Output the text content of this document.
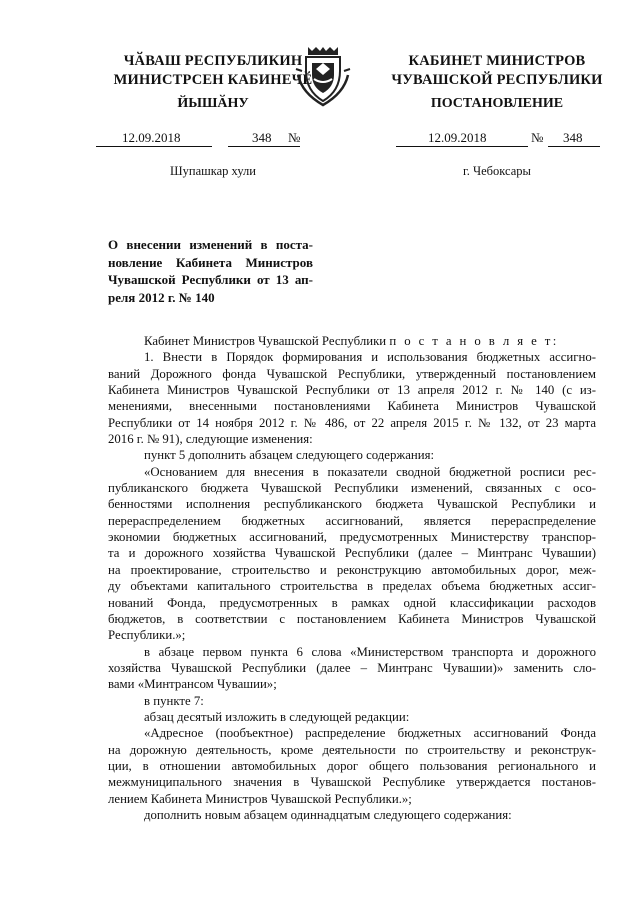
ЧӐВАШ РЕСПУБЛИКИН
МИНИСТРСЕН КАБИНЕЧӖ
ЙЫШӐНУ
КАБИНЕТ МИНИСТРОВ
ЧУВАШСКОЙ РЕСПУБЛИКИ
ПОСТАНОВЛЕНИЕ
12.09.2018	348 №	12.09.2018	№ 348
Шупашкар хули	г. Чебоксары
О внесении изменений в поста-
новление Кабинета Министров
Чувашской Республики от 13 ап-
реля 2012 г. № 140
Кабинет Министров Чувашской Республики п о с т а н о в л я е т:
1. Внести в Порядок формирования и использования бюджетных ассигно-
ваний Дорожного фонда Чувашской Республики, утвержденный постановлением
Кабинета Министров Чувашской Республики от 13 апреля 2012 г. № 140 (с из-
менениями, внесенными постановлениями Кабинета Министров Чувашской
Республики от 14 ноября 2012 г. № 486, от 22 апреля 2015 г. № 132, от 23 марта
2016 г. № 91), следующие изменения:
пункт 5 дополнить абзацем следующего содержания:
«Основанием для внесения в показатели сводной бюджетной росписи рес-
публиканского бюджета Чувашской Республики изменений, связанных с осо-
бенностями исполнения республиканского бюджета Чувашской Республики и
перераспределением бюджетных ассигнований, является перераспределение
экономии бюджетных ассигнований, предусмотренных Министерству транспор-
та и дорожного хозяйства Чувашской Республики (далее – Минтранс Чувашии)
на проектирование, строительство и реконструкцию автомобильных дорог, меж-
ду объектами капитального строительства в пределах объема бюджетных ассиг-
нований Фонда, предусмотренных в рамках одной классификации расходов
бюджетов, в соответствии с постановлением Кабинета Министров Чувашской
Республики.»;
в абзаце первом пункта 6 слова «Министерством транспорта и дорожного
хозяйства Чувашской Республики (далее – Минтранс Чувашии)» заменить сло-
вами «Минтрансом Чувашии»;
в пункте 7:
абзац десятый изложить в следующей редакции:
«Адресное (пообъектное) распределение бюджетных ассигнований Фонда
на дорожную деятельность, кроме деятельности по строительству и реконструк-
ции, в отношении автомобильных дорог общего пользования регионального и
межмуниципального значения в Чувашской Республике утверждается постанов-
лением Кабинета Министров Чувашской Республики.»;
дополнить новым абзацем одиннадцатым следующего содержания:
